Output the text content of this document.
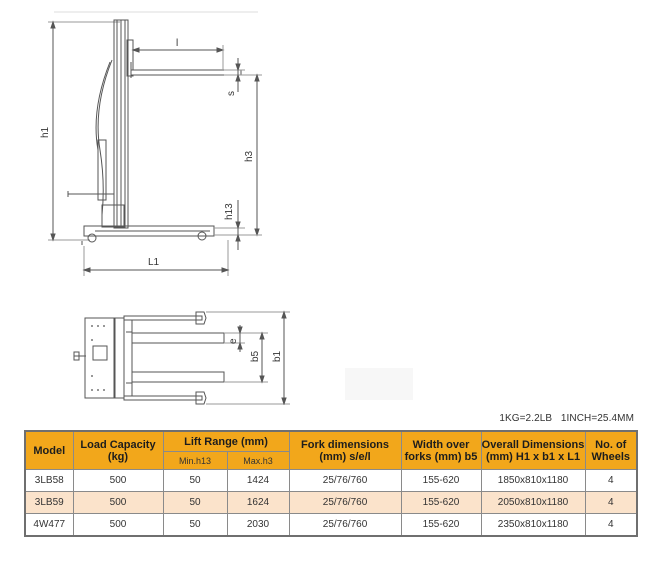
h1
l
s
h3
h13
L1
e
b5 b1
1KG=2.2LB   1INCH=25.4MM
Model	Load Capacity (kg)	Lift Range (mm)		Fork dimensions (mm) s/e/l	Width over forks (mm) b5	Overall Dimensions (mm) H1 x b1 x L1	No. of Wheels
		Min.h13	Max.h3				
3LB58	500	50	1424	25/76/760	155-620	1850x810x1180	4
3LB59	500	50	1624	25/76/760	155-620	2050x810x1180	4
4W477	500	50	2030	25/76/760	155-620	2350x810x1180	4
